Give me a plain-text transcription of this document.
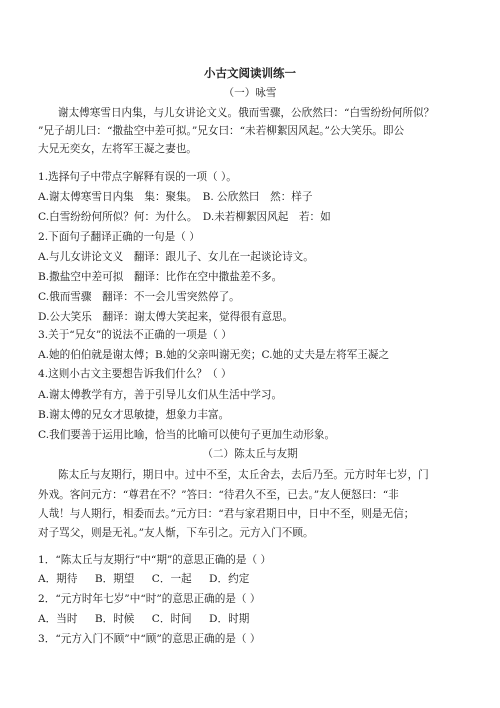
小古文阅读训练一
（一）咏雪
谢太傅寒雪日内集，与儿女讲论文义。俄而雪骤，公欣然曰：“白雪纷纷何所似？
”兄子胡儿曰：“撒盐空中差可拟。”兄女曰：“未若柳絮因风起。”公大笑乐。即公
大兄无奕女，左将军王凝之妻也。
1.选择句子中带点字解释有误的一项（ ）。
A.谢太傅寒雪日内集　集：聚集。　B. 公欣然曰　然：样子
C.白雪纷纷何所似？何：为什么。　D.未若柳絮因风起　若：如
2.下面句子翻译正确的一句是（ ）
A.与儿女讲论文义　翻译：跟儿子、女儿在一起谈论诗文。
B.撒盐空中差可拟　翻译：比作在空中撒盐差不多。
C.俄而雪骤　翻译：不一会儿雪突然停了。
D.公大笑乐　翻译：谢太傅大笑起来，觉得很有意思。
3.关于“兄女”的说法不正确的一项是（ ）
A.她的伯伯就是谢太傅；B.她的父亲叫谢无奕；C.她的丈夫是左将军王凝之
4.这则小古文主要想告诉我们什么？（ ）
A.谢太傅教学有方，善于引导儿女们从生活中学习。
B.谢太傅的兄女才思敏捷，想象力丰富。
C.我们要善于运用比喻，恰当的比喻可以使句子更加生动形象。
（二）陈太丘与友期
陈太丘与友期行，期日中。过中不至，太丘舍去，去后乃至。元方时年七岁，门
外戏。客问元方：“尊君在不？”答曰：“待君久不至，已去。”友人便怒曰：“非
人哉！与人期行，相委而去。”元方曰：“君与家君期日中，日中不至，则是无信；
对子骂父，则是无礼。”友人惭，下车引之。元方入门不顾。
1．“陈太丘与友期行”中“期”的意思正确的是（ ）
A．期待 B．期望 C．一起 D．约定
2．“元方时年七岁”中“时”的意思正确的是（ ）
A．当时 B．时候 C．时间 D．时期
3．“元方入门不顾”中“顾”的意思正确的是（ ）
